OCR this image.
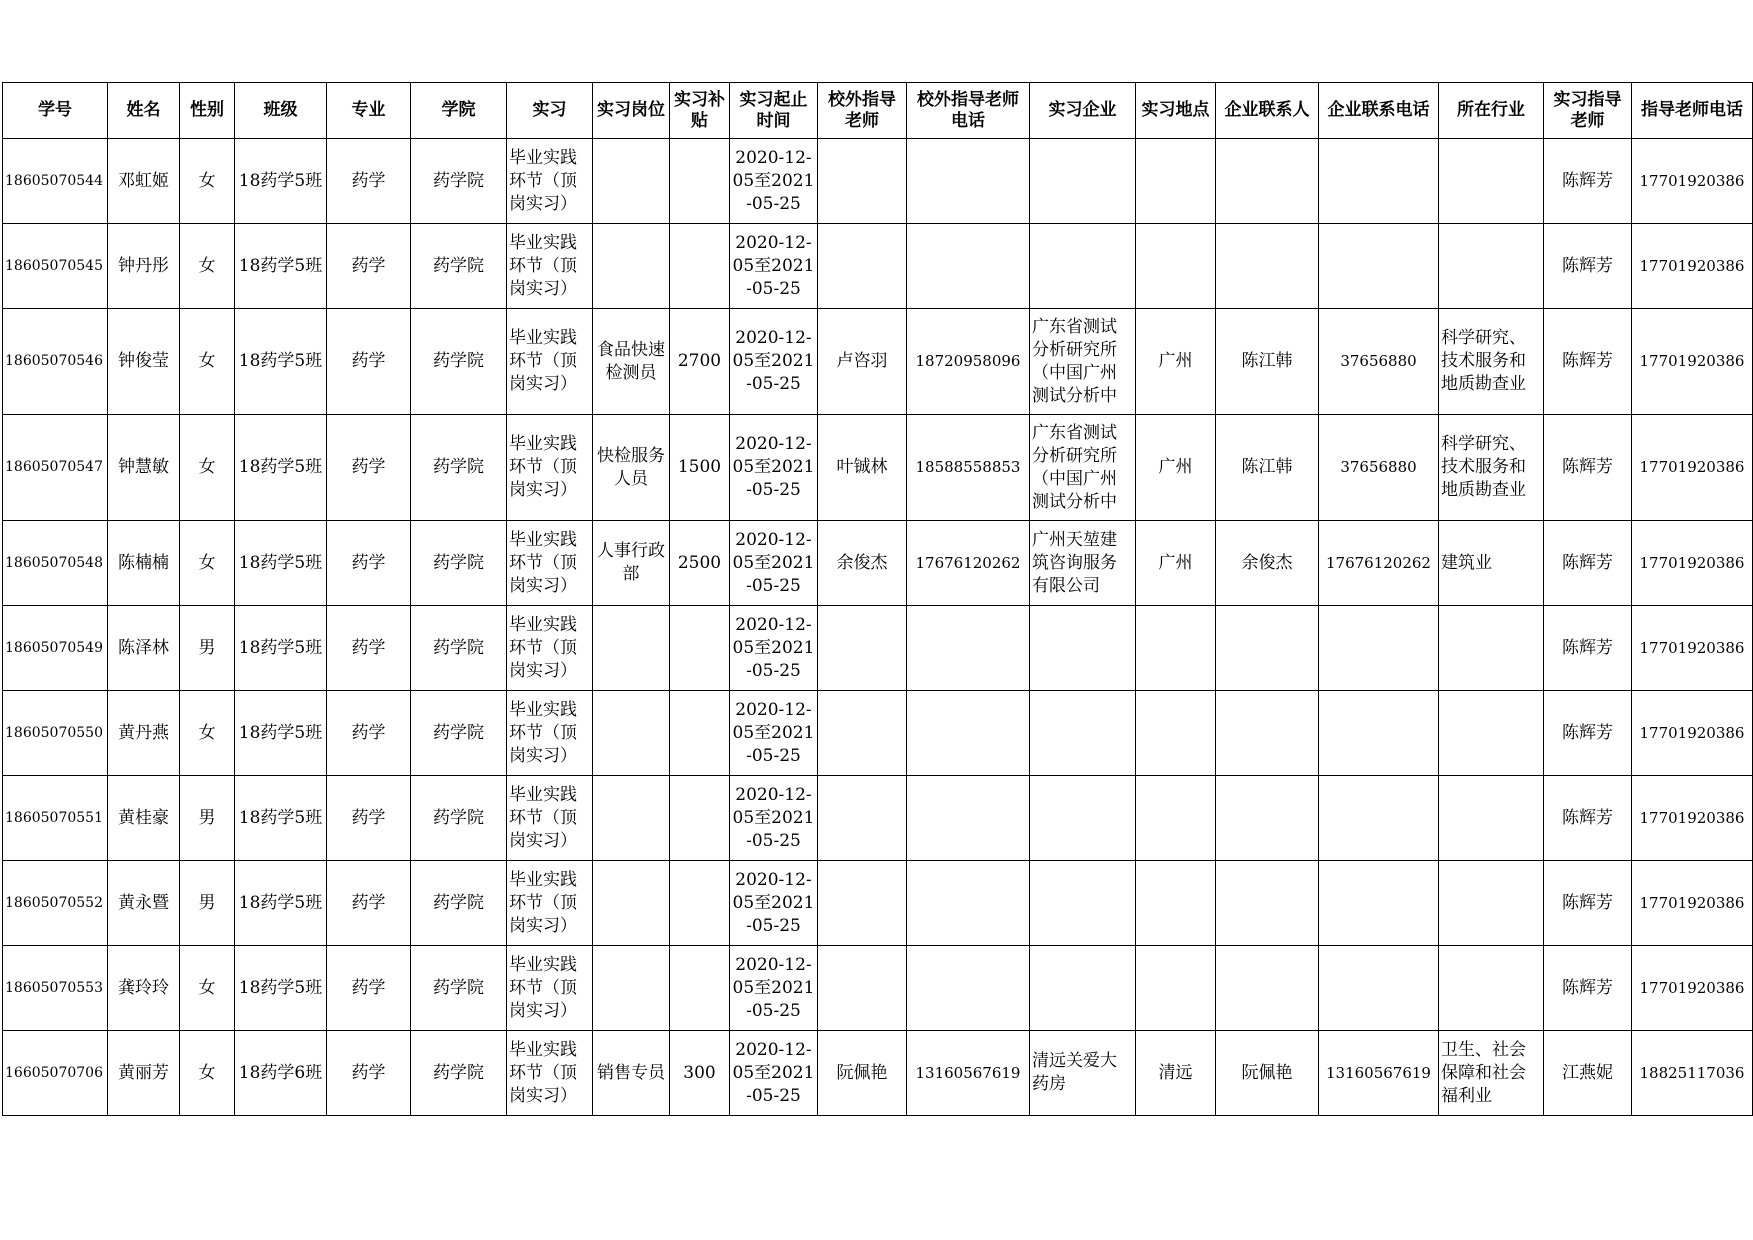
学号	姓名	性别	班级	专业	学院	实习	实习岗位	实习补贴	实习起止时间	校外指导老师	校外指导老师电话	实习企业	实习地点	企业联系人	企业联系电话	所在行业	实习指导老师	指导老师电话

18605070544	邓虹姬	女	18药学5班	药学	药学院	毕业实践环节（顶岗实习）			2020-12-05至2021-05-25								陈辉芳	17701920386

18605070545	钟丹彤	女	18药学5班	药学	药学院	毕业实践环节（顶岗实习）			2020-12-05至2021-05-25								陈辉芳	17701920386

18605070546	钟俊莹	女	18药学5班	药学	药学院	毕业实践环节（顶岗实习）	食品快速检测员	2700	2020-12-05至2021-05-25	卢咨羽	18720958096	广东省测试分析研究所（中国广州测试分析中	广州	陈江韩	37656880	科学研究、技术服务和地质勘查业	陈辉芳	17701920386

18605070547	钟慧敏	女	18药学5班	药学	药学院	毕业实践环节（顶岗实习）	快检服务人员	1500	2020-12-05至2021-05-25	叶铖林	18588558853	广东省测试分析研究所（中国广州测试分析中	广州	陈江韩	37656880	科学研究、技术服务和地质勘查业	陈辉芳	17701920386

18605070548	陈楠楠	女	18药学5班	药学	药学院	毕业实践环节（顶岗实习）	人事行政部	2500	2020-12-05至2021-05-25	余俊杰	17676120262	广州天堃建筑咨询服务有限公司	广州	余俊杰	17676120262	建筑业	陈辉芳	17701920386

18605070549	陈泽林	男	18药学5班	药学	药学院	毕业实践环节（顶岗实习）			2020-12-05至2021-05-25								陈辉芳	17701920386

18605070550	黄丹燕	女	18药学5班	药学	药学院	毕业实践环节（顶岗实习）			2020-12-05至2021-05-25								陈辉芳	17701920386

18605070551	黄桂豪	男	18药学5班	药学	药学院	毕业实践环节（顶岗实习）			2020-12-05至2021-05-25								陈辉芳	17701920386

18605070552	黄永暨	男	18药学5班	药学	药学院	毕业实践环节（顶岗实习）			2020-12-05至2021-05-25								陈辉芳	17701920386

18605070553	龚玲玲	女	18药学5班	药学	药学院	毕业实践环节（顶岗实习）			2020-12-05至2021-05-25								陈辉芳	17701920386

16605070706	黄丽芳	女	18药学6班	药学	药学院	毕业实践环节（顶岗实习）	销售专员	300	2020-12-05至2021-05-25	阮佩艳	13160567619	清远关爱大药房	清远	阮佩艳	13160567619	卫生、社会保障和社会福利业	江燕妮	18825117036
